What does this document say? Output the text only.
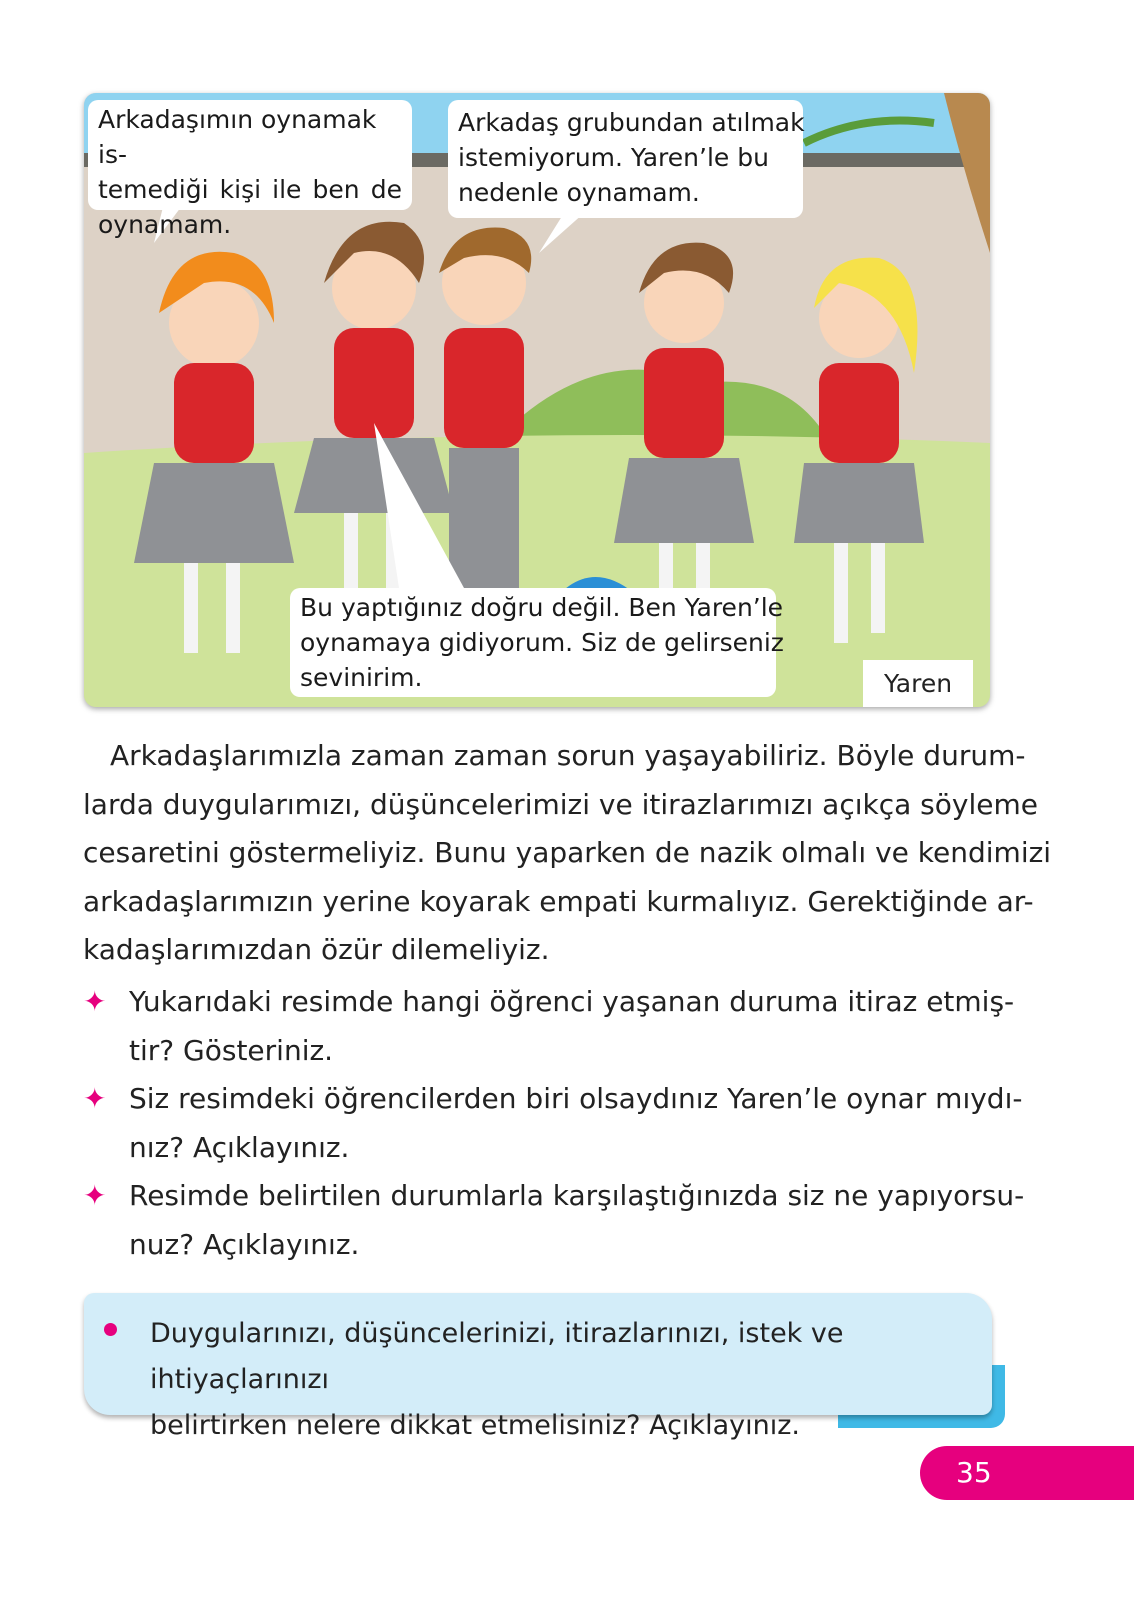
Arkadaşımın oynamak is-
temediği kişi ile ben de
oynamam.
Arkadaş grubundan atılmak
istemiyorum. Yaren’le bu
nedenle oynamam.
Bu yaptığınız doğru değil. Ben Yaren’le
oynamaya gidiyorum. Siz de gelirseniz
sevinirim.	Yaren
Arkadaşlarımızla zaman zaman sorun yaşayabiliriz. Böyle durum-
larda duygularımızı, düşüncelerimizi ve itirazlarımızı açıkça söyleme
cesaretini göstermeliyiz. Bunu yaparken de nazik olmalı ve kendimizi
arkadaşlarımızın yerine koyarak empati kurmalıyız. Gerektiğinde ar-
kadaşlarımızdan özür dilemeliyiz.
✦ Yukarıdaki resimde hangi öğrenci yaşanan duruma itiraz etmiş-
tir? Gösteriniz.
✦ Siz resimdeki öğrencilerden biri olsaydınız Yaren’le oynar mıydı-
nız? Açıklayınız.
✦ Resimde belirtilen durumlarla karşılaştığınızda siz ne yapıyorsu-
nuz? Açıklayınız.
Duygularınızı, düşüncelerinizi, itirazlarınızı, istek ve ihtiyaçlarınızı
belirtirken nelere dikkat etmelisiniz? Açıklayınız.
35
